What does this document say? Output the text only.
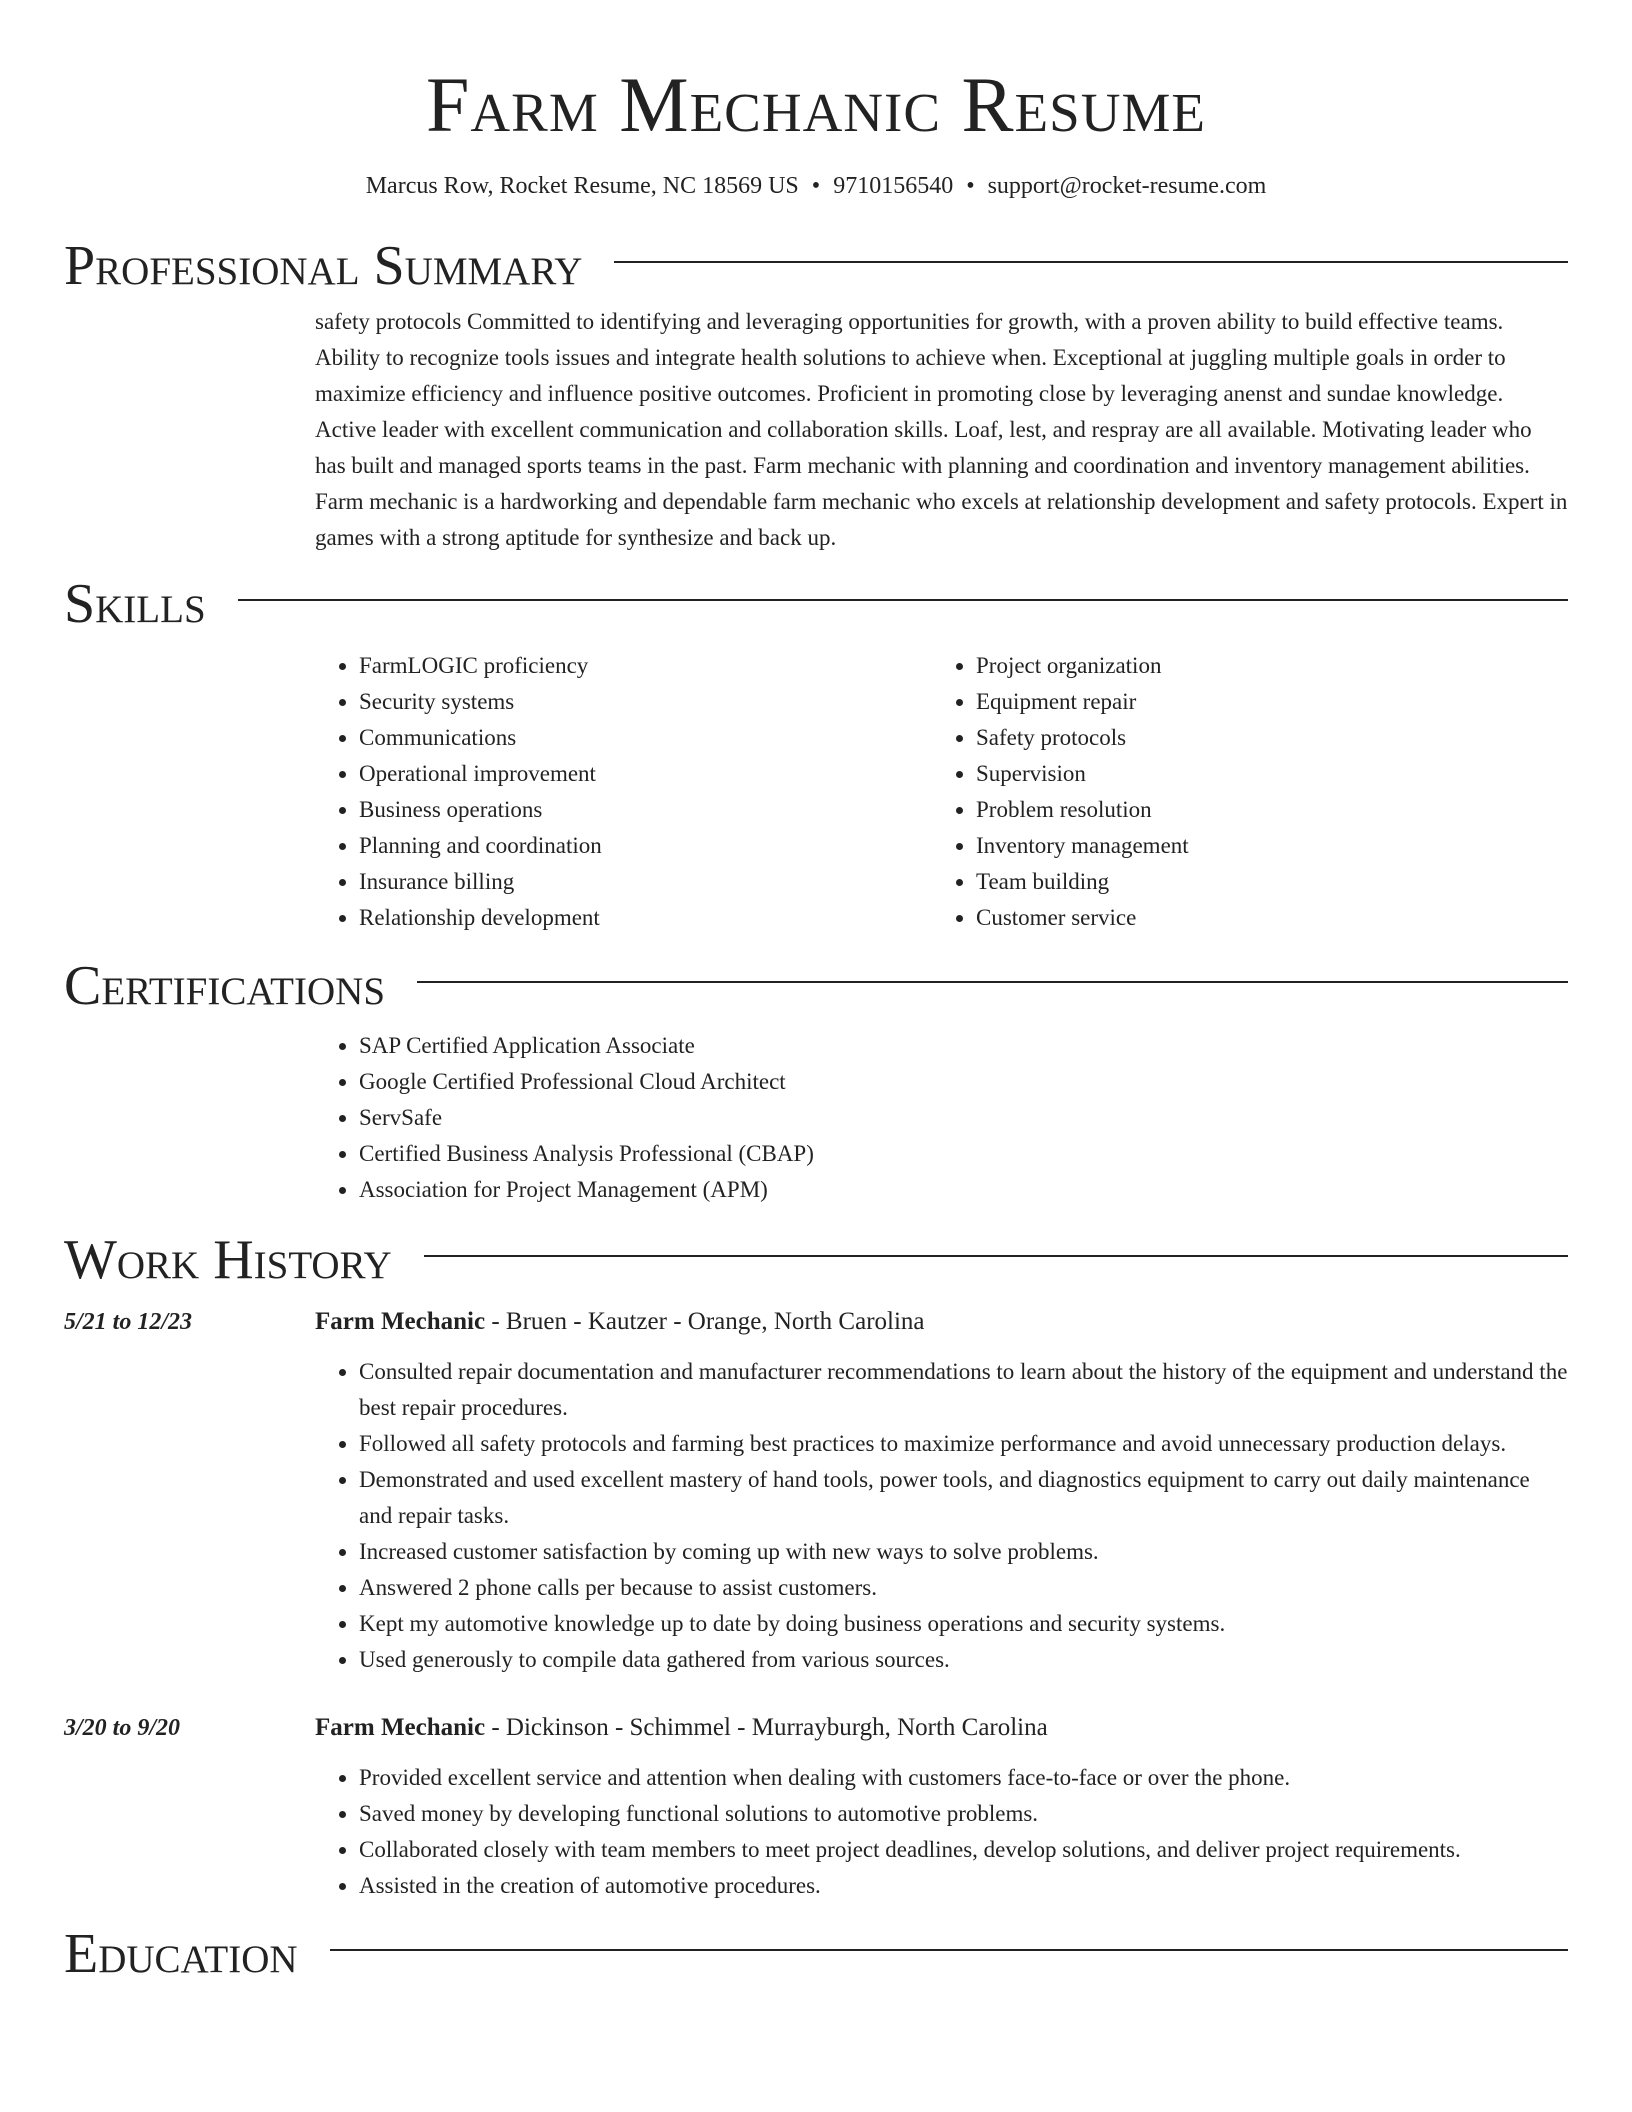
Farm Mechanic Resume
Marcus Row, Rocket Resume, NC 18569 US • 9710156540 • support@rocket-resume.com
Professional Summary

safety protocols Committed to identifying and leveraging opportunities for growth, with a proven ability to build effective teams. Ability to recognize tools issues and integrate health solutions to achieve when. Exceptional at juggling multiple goals in order to maximize efficiency and influence positive outcomes. Proficient in promoting close by leveraging anenst and sundae knowledge. Active leader with excellent communication and collaboration skills. Loaf, lest, and respray are all available. Motivating leader who has built and managed sports teams in the past. Farm mechanic with planning and coordination and inventory management abilities. Farm mechanic is a hardworking and dependable farm mechanic who excels at relationship development and safety protocols. Expert in games with a strong aptitude for synthesize and back up.

Skills
• FarmLOGIC proficiency
• Security systems
• Communications
• Operational improvement
• Business operations
• Planning and coordination
• Insurance billing
• Relationship development
• Project organization
• Equipment repair
• Safety protocols
• Supervision
• Problem resolution
• Inventory management
• Team building
• Customer service
Certifications
• SAP Certified Application Associate
• Google Certified Professional Cloud Architect
• ServSafe
• Certified Business Analysis Professional (CBAP)
• Association for Project Management (APM)
Work History
5/21 to 12/23	Farm Mechanic - Bruen - Kautzer - Orange, North Carolina
• Consulted repair documentation and manufacturer recommendations to learn about the history of the equipment and understand the best repair procedures.
• Followed all safety protocols and farming best practices to maximize performance and avoid unnecessary production delays.
• Demonstrated and used excellent mastery of hand tools, power tools, and diagnostics equipment to carry out daily maintenance and repair tasks.
• Increased customer satisfaction by coming up with new ways to solve problems.
• Answered 2 phone calls per because to assist customers.
• Kept my automotive knowledge up to date by doing business operations and security systems.
• Used generously to compile data gathered from various sources.
3/20 to 9/20	Farm Mechanic - Dickinson - Schimmel - Murrayburgh, North Carolina
• Provided excellent service and attention when dealing with customers face-to-face or over the phone.
• Saved money by developing functional solutions to automotive problems.
• Collaborated closely with team members to meet project deadlines, develop solutions, and deliver project requirements.
• Assisted in the creation of automotive procedures.
Education
